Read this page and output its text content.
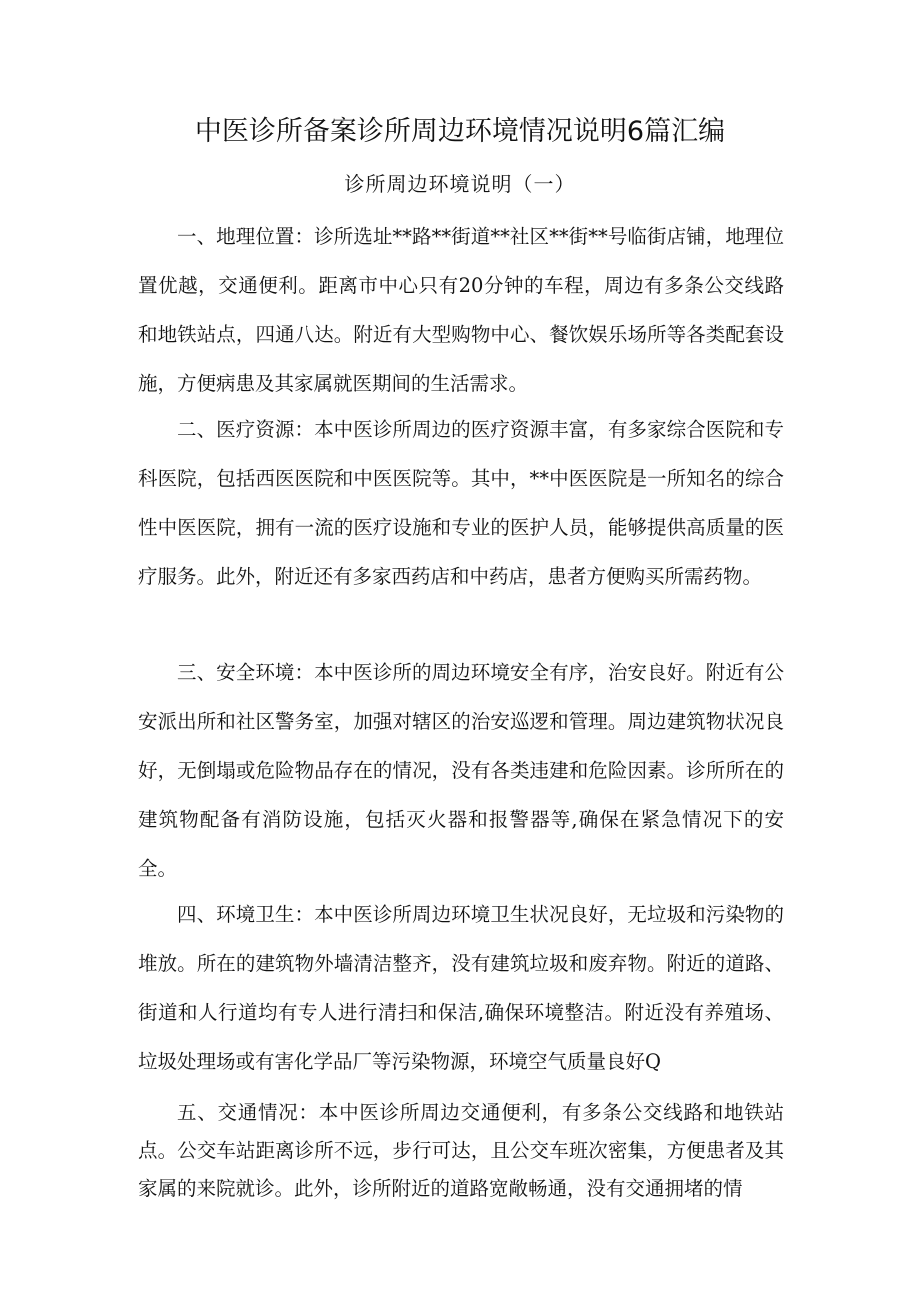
中医诊所备案诊所周边环境情况说明6篇汇编
诊所周边环境说明（一）

一、地理位置：诊所选址**路**街道**社区**街**号临街店铺，地理位置优越，交通便利。距离市中心只有20分钟的车程，周边有多条公交线路和地铁站点，四通八达。附近有大型购物中心、餐饮娱乐场所等各类配套设施，方便病患及其家属就医期间的生活需求。

二、医疗资源：本中医诊所周边的医疗资源丰富，有多家综合医院和专科医院，包括西医医院和中医医院等。其中，**中医医院是一所知名的综合性中医医院，拥有一流的医疗设施和专业的医护人员，能够提供高质量的医疗服务。此外，附近还有多家西药店和中药店，患者方便购买所需药物。

三、安全环境：本中医诊所的周边环境安全有序，治安良好。附近有公安派出所和社区警务室，加强对辖区的治安巡逻和管理。周边建筑物状况良好，无倒塌或危险物品存在的情况，没有各类违建和危险因素。诊所所在的建筑物配备有消防设施，包括灭火器和报警器等,确保在紧急情况下的安全。

四、环境卫生：本中医诊所周边环境卫生状况良好，无垃圾和污染物的堆放。所在的建筑物外墙清洁整齐，没有建筑垃圾和废弃物。附近的道路、街道和人行道均有专人进行清扫和保洁,确保环境整洁。附近没有养殖场、垃圾处理场或有害化学品厂等污染物源，环境空气质量良好Q

五、交通情况：本中医诊所周边交通便利，有多条公交线路和地铁站点。公交车站距离诊所不远，步行可达，且公交车班次密集，方便患者及其家属的来院就诊。此外，诊所附近的道路宽敞畅通，没有交通拥堵的情
